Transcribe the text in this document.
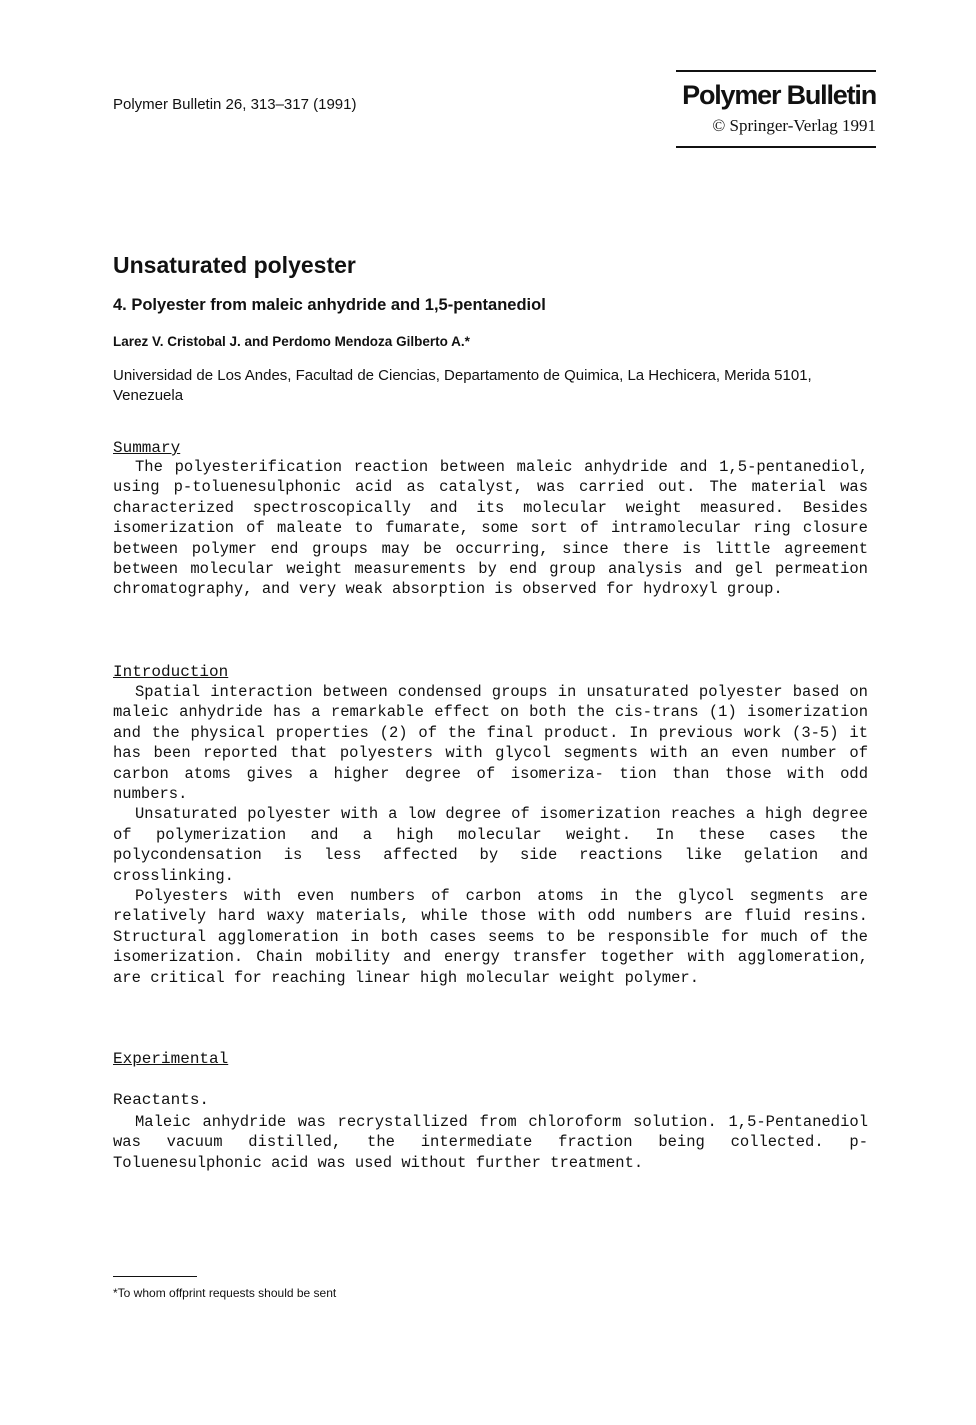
Polymer Bulletin 26, 313–317 (1991)	Polymer Bulletin
© Springer-Verlag 1991
Unsaturated polyester
4. Polyester from maleic anhydride and 1,5-pentanediol
Larez V. Cristobal J. and Perdomo Mendoza Gilberto A.*
Universidad de Los Andes, Facultad de Ciencias, Departamento de Quimica, La Hechicera, Merida 5101, Venezuela
Summary

The polyesterification reaction between maleic anhydride and 1,5-pentanediol, using p-toluenesulphonic acid as catalyst, was carried out. The material was characterized spectroscopically and its molecular weight measured. Besides isomerization of maleate to fumarate, some sort of intramolecular ring closure between polymer end groups may be occurring, since there is little agreement between molecular weight measurements by end group analysis and gel permeation chromatography, and very weak absorption is observed for hydroxyl group.

Introduction

Spatial interaction between condensed groups in unsaturated polyester based on maleic anhydride has a remarkable effect on both the cis-trans (1) isomerization and the physical properties (2) of the final product. In previous work (3-5) it has been reported that polyesters with glycol segments with an even number of carbon atoms gives a higher degree of isomeriza- tion than those with odd numbers.

Unsaturated polyester with a low degree of isomerization reaches a high degree of polymerization and a high molecular weight. In these cases the polycondensation is less affected by side reactions like gelation and crosslinking.

Polyesters with even numbers of carbon atoms in the glycol segments are relatively hard waxy materials, while those with odd numbers are fluid resins. Structural agglomeration in both cases seems to be responsible for much of the isomerization. Chain mobility and energy transfer together with agglomeration, are critical for reaching linear high molecular weight polymer.

Experimental
Reactants.

Maleic anhydride was recrystallized from chloroform solution. 1,5-Pentanediol was vacuum distilled, the intermediate fraction being collected. p-Toluenesulphonic acid was used without further treatment.

*To whom offprint requests should be sent
